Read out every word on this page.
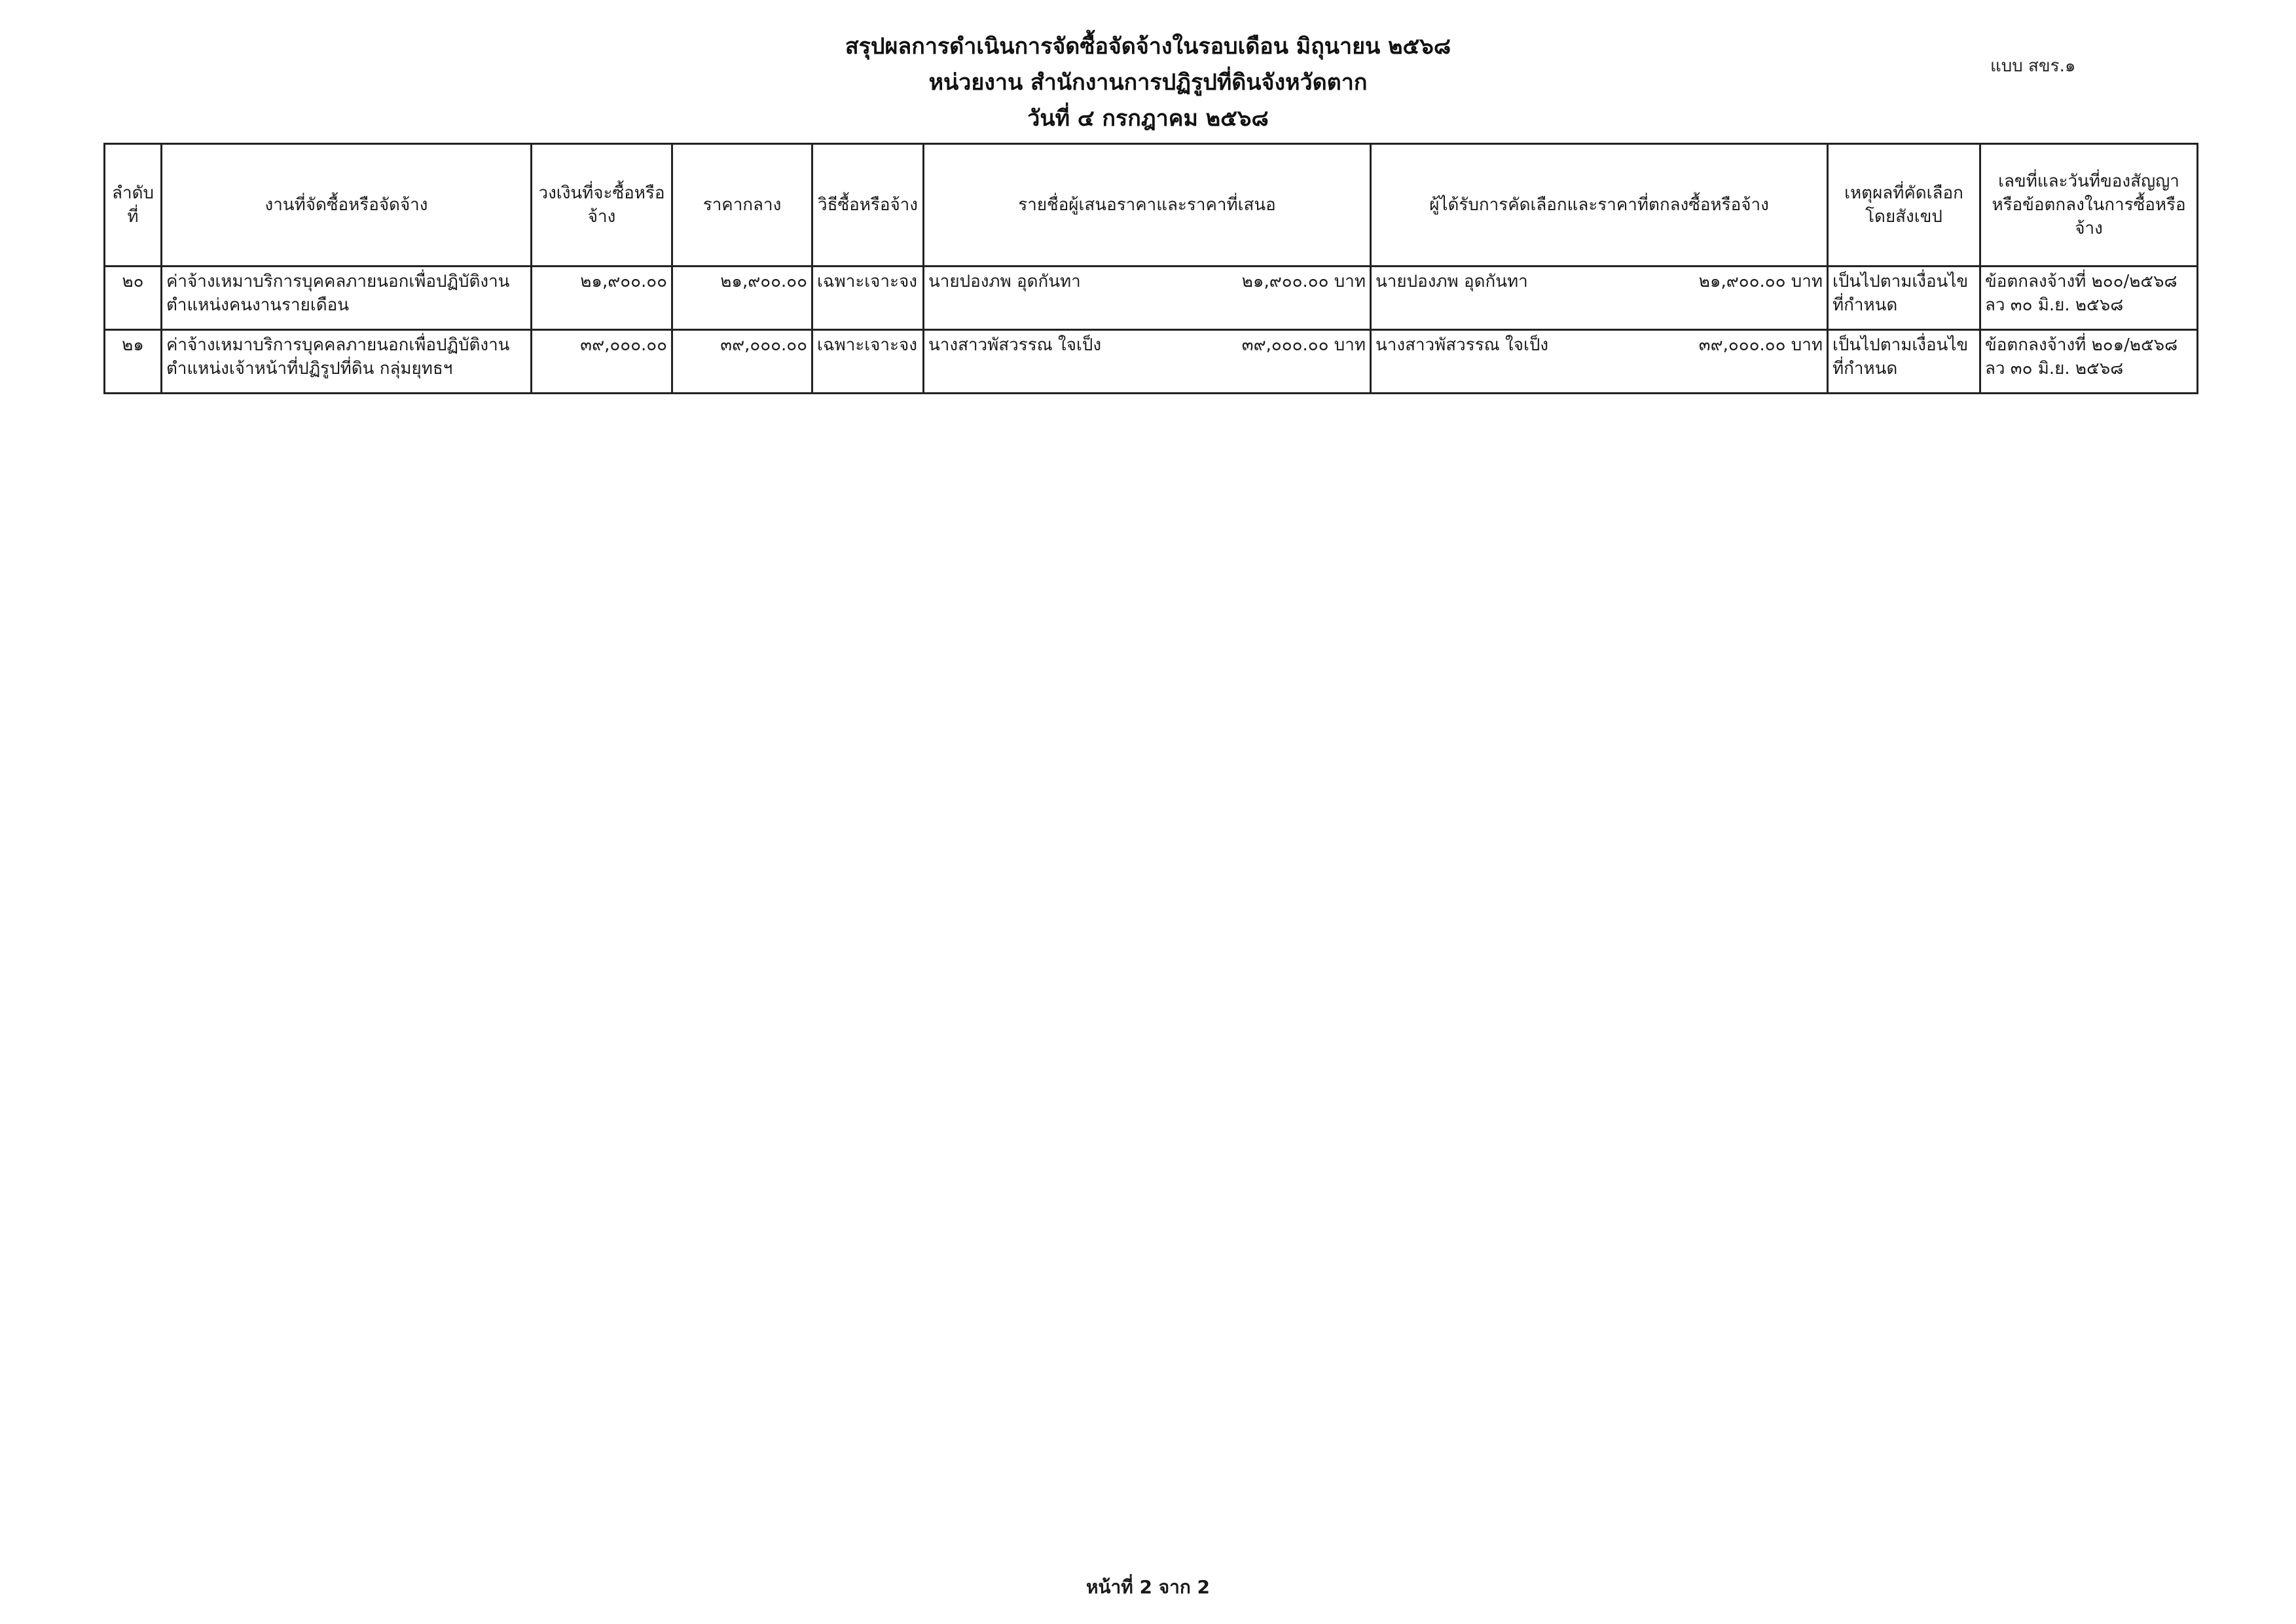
สรุปผลการดำเนินการจัดซื้อจัดจ้างในรอบเดือน มิถุนายน ๒๕๖๘
หน่วยงาน สำนักงานการปฏิรูปที่ดินจังหวัดตาก
วันที่ ๔ กรกฎาคม ๒๕๖๘
แบบ สขร.๑
ลำดับที่	งานที่จัดซื้อหรือจัดจ้าง	วงเงินที่จะซื้อหรือจ้าง	ราคากลาง	วิธีซื้อหรือจ้าง	รายชื่อผู้เสนอราคาและราคาที่เสนอ	ผู้ได้รับการคัดเลือกและราคาที่ตกลงซื้อหรือจ้าง	เหตุผลที่คัดเลือกโดยสังเขป	เลขที่และวันที่ของสัญญาหรือข้อตกลงในการซื้อหรือจ้าง
๒๐	ค่าจ้างเหมาบริการบุคคลภายนอกเพื่อปฏิบัติงานตำแหน่งคนงานรายเดือน	๒๑,๙๐๐.๐๐	๒๑,๙๐๐.๐๐	เฉพาะเจาะจง	นายปองภพ อุดกันทา ๒๑,๙๐๐.๐๐ บาท	นายปองภพ อุดกันทา ๒๑,๙๐๐.๐๐ บาท	เป็นไปตามเงื่อนไขที่กำหนด	ข้อตกลงจ้างที่ ๒๐๐/๒๕๖๘ ลว ๓๐ มิ.ย. ๒๕๖๘
๒๑	ค่าจ้างเหมาบริการบุคคลภายนอกเพื่อปฏิบัติงานตำแหน่งเจ้าหน้าที่ปฏิรูปที่ดิน กลุ่มยุทธฯ	๓๙,๐๐๐.๐๐	๓๙,๐๐๐.๐๐	เฉพาะเจาะจง	นางสาวพัสวรรณ ใจเป็ง ๓๙,๐๐๐.๐๐ บาท	นางสาวพัสวรรณ ใจเป็ง ๓๙,๐๐๐.๐๐ บาท	เป็นไปตามเงื่อนไขที่กำหนด	ข้อตกลงจ้างที่ ๒๐๑/๒๕๖๘ ลว ๓๐ มิ.ย. ๒๕๖๘
หน้าที่ 2 จาก 2
